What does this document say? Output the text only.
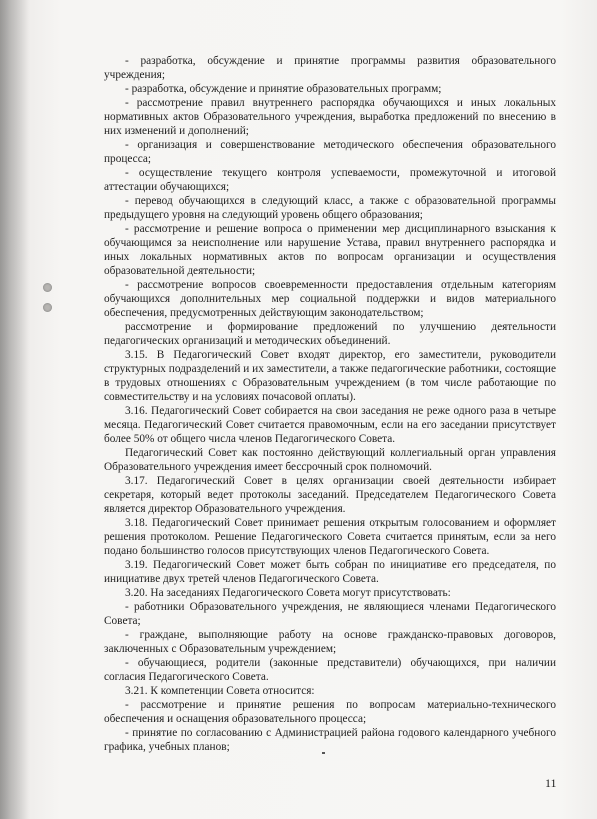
- разработка, обсуждение и принятие программы развития образовательного учреждения;

- разработка, обсуждение и принятие образовательных программ;

- рассмотрение правил внутреннего распорядка обучающихся и иных локальных нормативных актов Образовательного учреждения, выработка предложений по внесению в них изменений и дополнений;

- организация и совершенствование методического обеспечения образовательного процесса;

- осуществление текущего контроля успеваемости, промежуточной и итоговой аттестации обучающихся;

- перевод обучающихся в следующий класс, а также с образовательной программы предыдущего уровня на следующий уровень общего образования;

- рассмотрение и решение вопроса о применении мер дисциплинарного взыскания к обучающимся за неисполнение или нарушение Устава, правил внутреннего распорядка и иных локальных нормативных актов по вопросам организации и осуществления образовательной деятельности;

- рассмотрение вопросов своевременности предоставления отдельным категориям обучающихся дополнительных мер социальной поддержки и видов материального обеспечения, предусмотренных действующим законодательством;

рассмотрение и формирование предложений по улучшению деятельности педагогических организаций и методических объединений.

3.15. В Педагогический Совет входят директор, его заместители, руководители структурных подразделений и их заместители, а также педагогические работники, состоящие в трудовых отношениях с Образовательным учреждением (в том числе работающие по совместительству и на условиях почасовой оплаты).

3.16. Педагогический Совет собирается на свои заседания не реже одного раза в четыре месяца. Педагогический Совет считается правомочным, если на его заседании присутствует более 50% от общего числа членов Педагогического Совета.

Педагогический Совет как постоянно действующий коллегиальный орган управления Образовательного учреждения имеет бессрочный срок полномочий.

3.17. Педагогический Совет в целях организации своей деятельности избирает секретаря, который ведет протоколы заседаний. Председателем Педагогического Совета является директор Образовательного учреждения.

3.18. Педагогический Совет принимает решения открытым голосованием и оформляет решения протоколом. Решение Педагогического Совета считается принятым, если за него подано большинство голосов присутствующих членов Педагогического Совета.

3.19. Педагогический Совет может быть собран по инициативе его председателя, по инициативе двух третей членов Педагогического Совета.

3.20. На заседаниях Педагогического Совета могут присутствовать:

- работники Образовательного учреждения, не являющиеся членами Педагогического Совета;

- граждане, выполняющие работу на основе гражданско-правовых договоров, заключенных с Образовательным учреждением;

- обучающиеся, родители (законные представители) обучающихся, при наличии согласия Педагогического Совета.

3.21. К компетенции Совета относится:

- рассмотрение и принятие решения по вопросам материально-технического обеспечения и оснащения образовательного процесса;

- принятие по согласованию с Администрацией района годового календарного учебного графика, учебных планов;

11
